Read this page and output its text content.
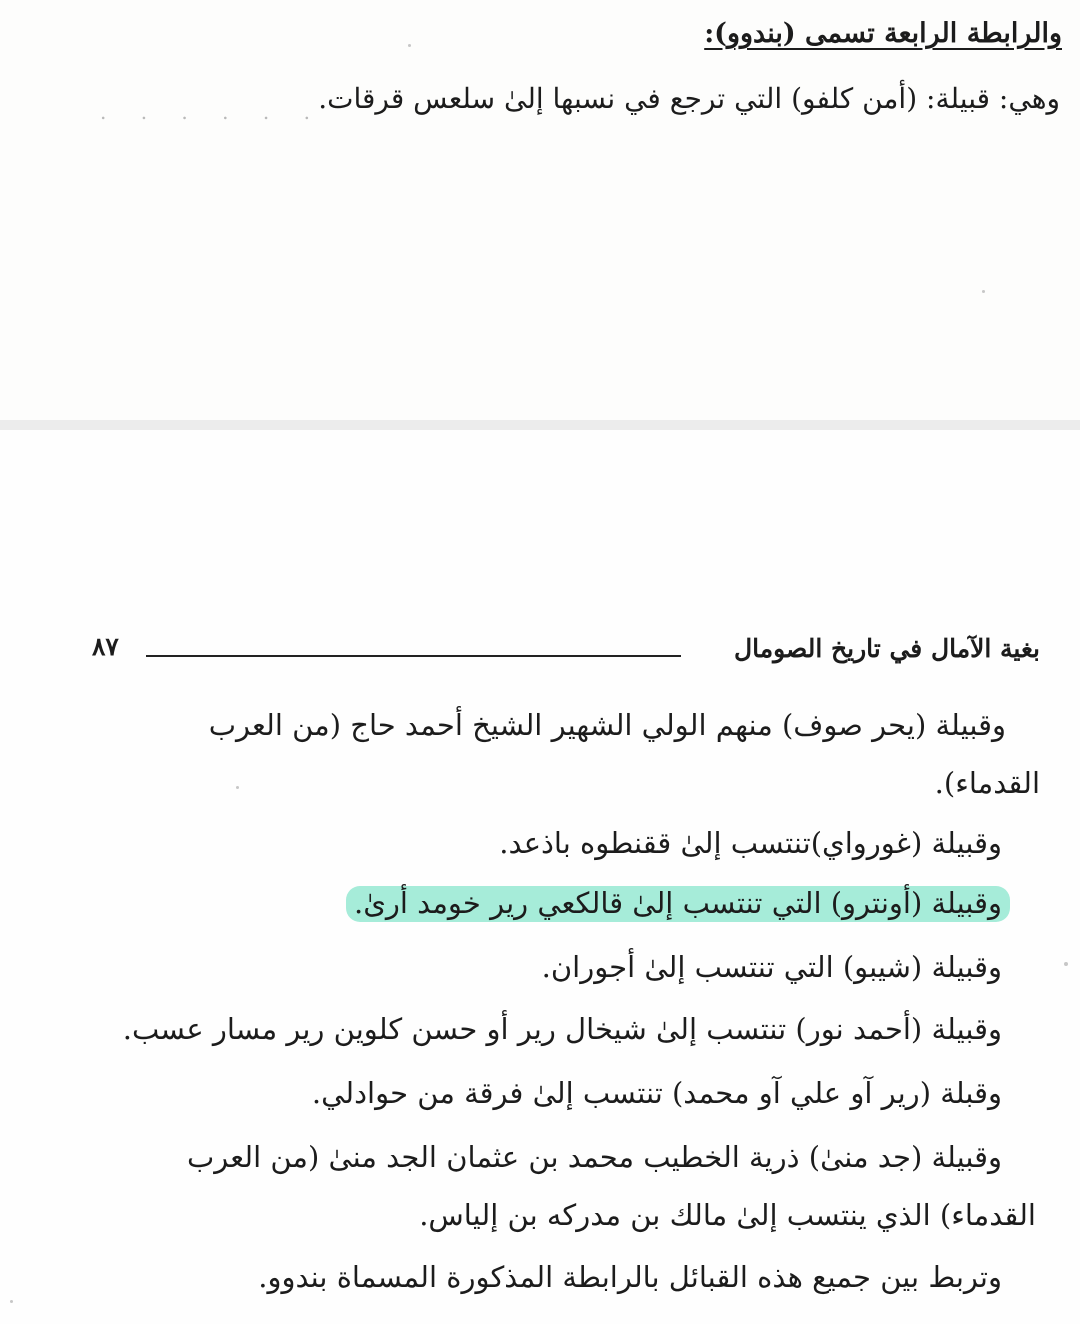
والرابطة الرابعة تسمى (بندوو):

وهي: قبيلة: (أمن كلفو) التي ترجع في نسبها إلىٰ سلعس قرقات.

. . . . . .
بغية الآمال في تاريخ الصومال
٨٧

وقبيلة (يحر صوف) منهم الولي الشهير الشيخ أحمد حاج (من العرب

القدماء).

وقبيلة (غورواي)تنتسب إلىٰ ققنطوه باذعد.

وقبيلة (أونترو) التي تنتسب إلىٰ قالكعي رير خومد أرىٰ.

وقبيلة (شيبو) التي تنتسب إلىٰ أجوران.

وقبيلة (أحمد نور) تنتسب إلىٰ شيخال رير أو حسن كلوين رير مسار عسب.

وقبلة (رير آو علي آو محمد) تنتسب إلىٰ فرقة من حوادلي.

وقبيلة (جد منىٰ) ذرية الخطيب محمد بن عثمان الجد منىٰ (من العرب

القدماء) الذي ينتسب إلىٰ مالك بن مدركه بن إلياس.

وتربط بين جميع هذه القبائل بالرابطة المذكورة المسماة بندوو.
